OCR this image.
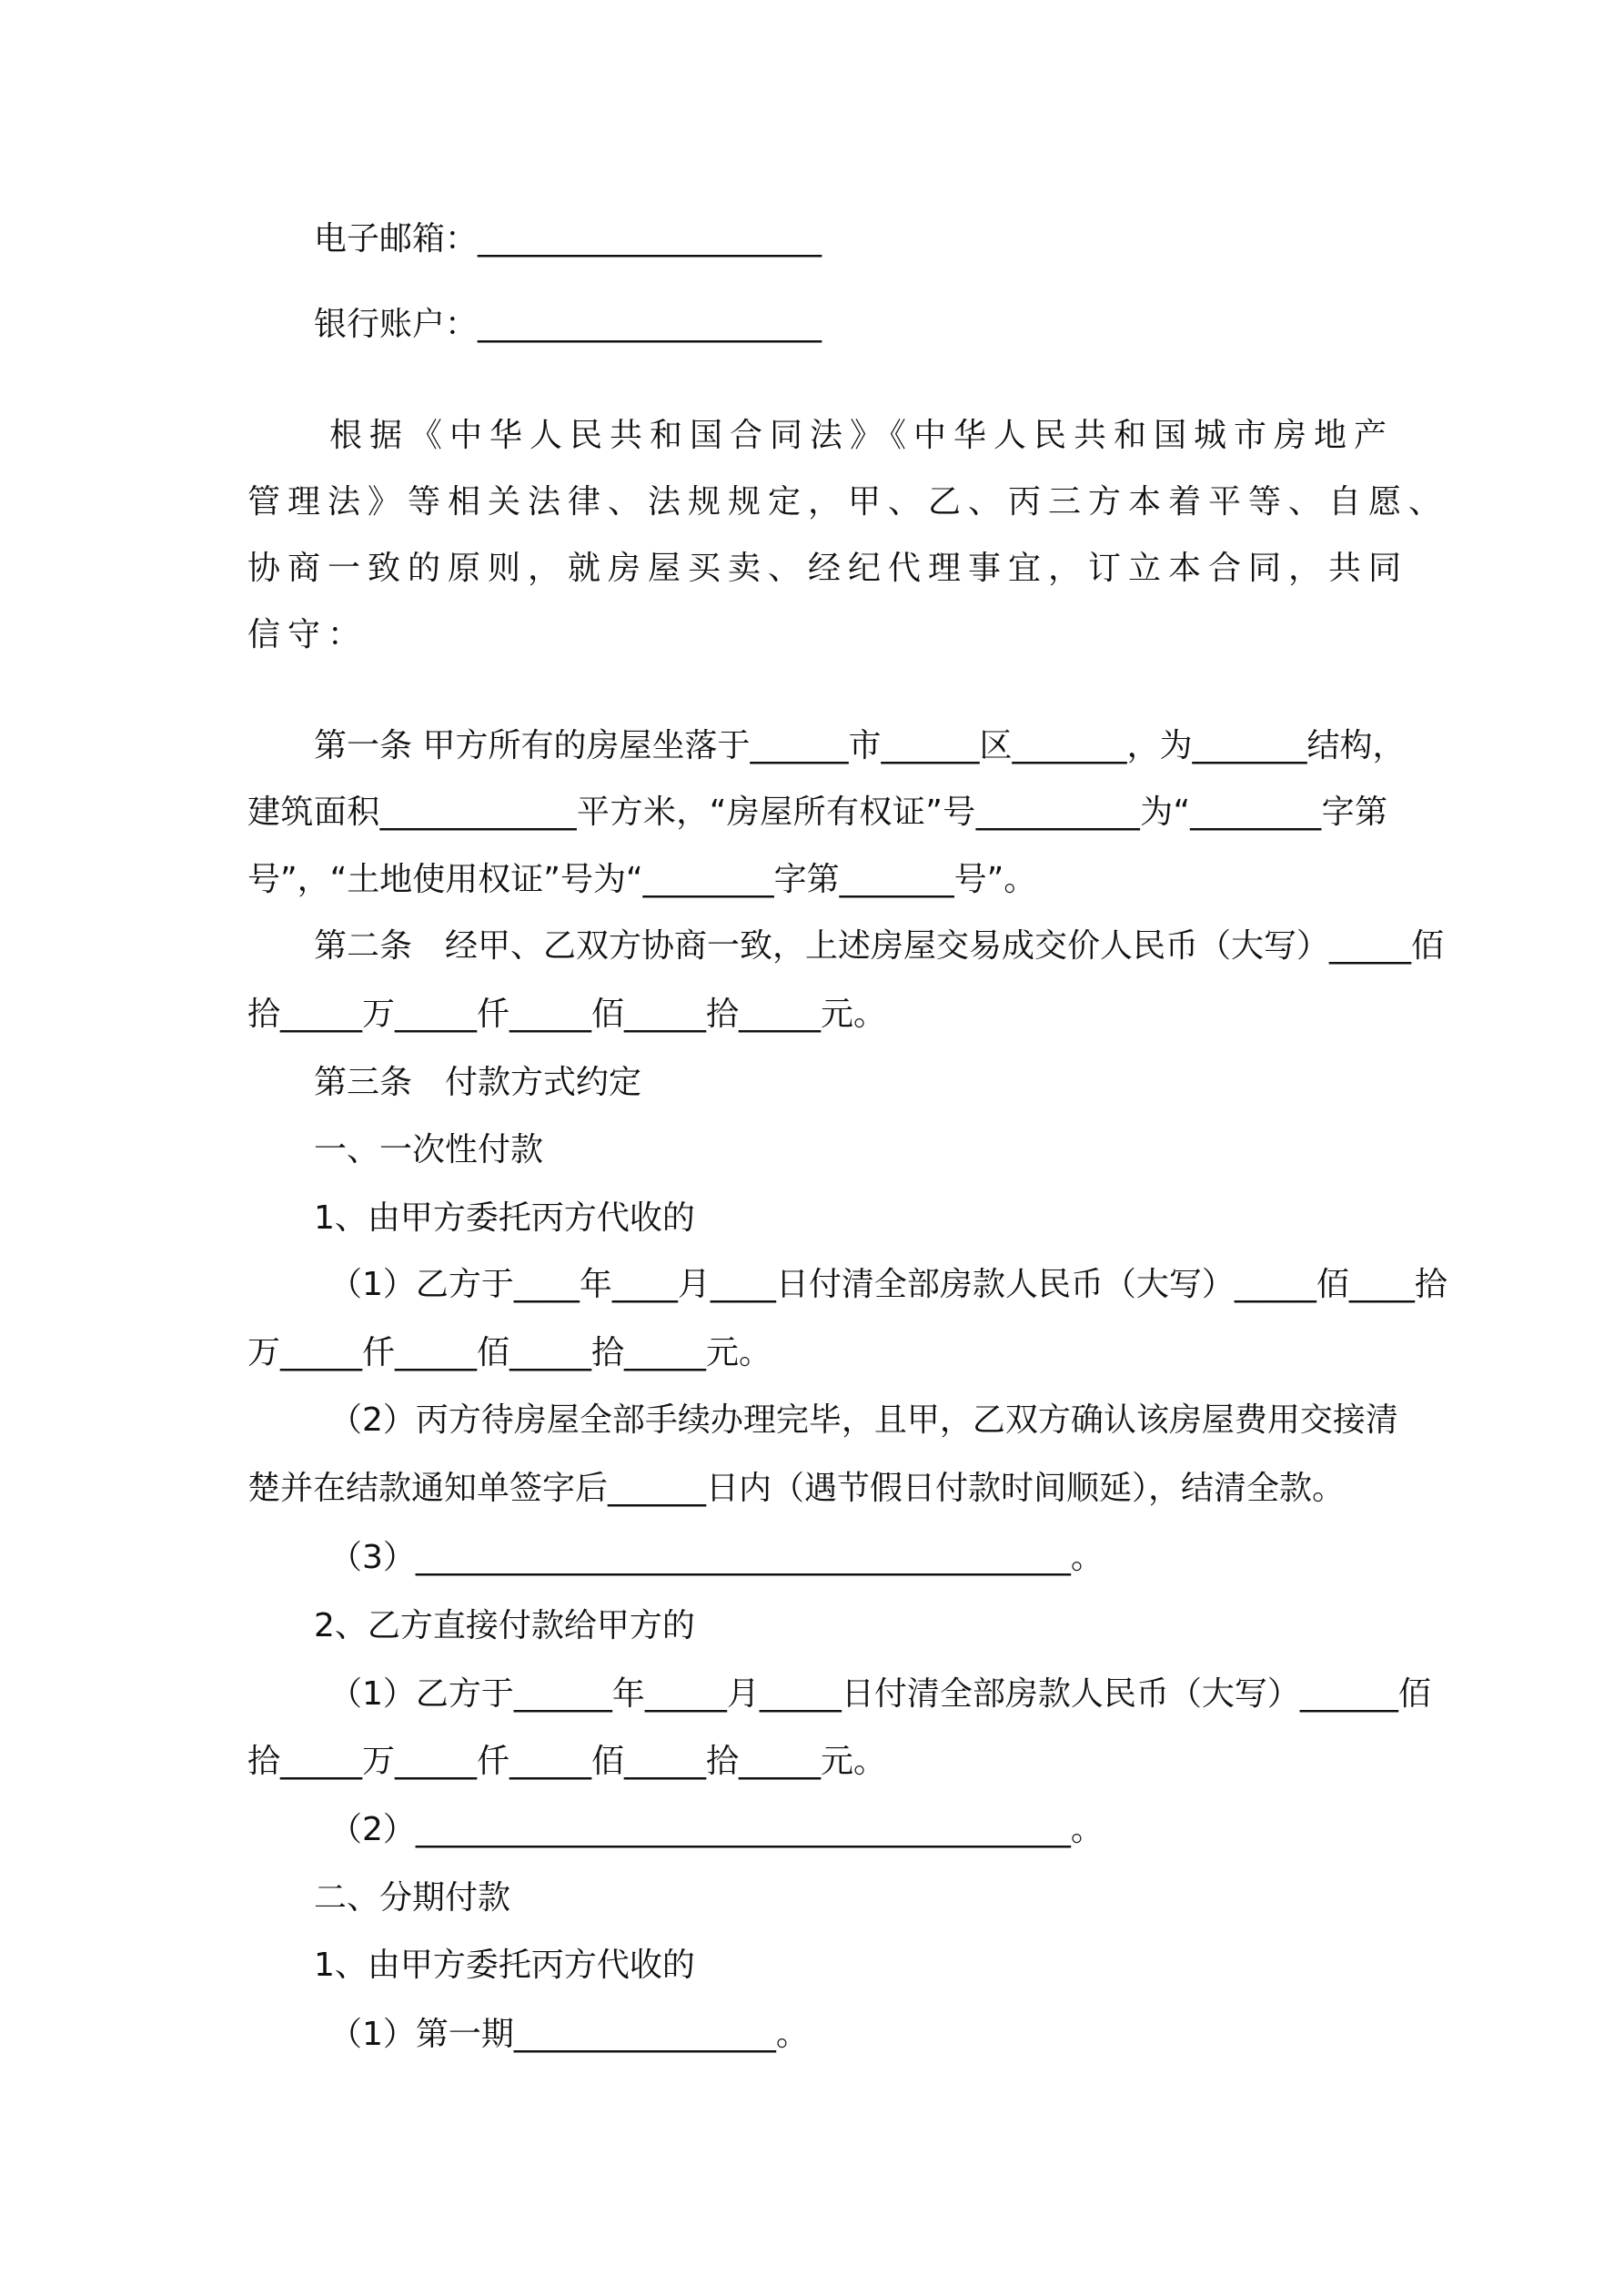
电子邮箱：_____________________
银行账户：_____________________
根据《中华人民共和国合同法》《中华人民共和国城市房地产
管理法》等相关法律、法规规定，甲、乙、丙三方本着平等、自愿、
协商一致的原则，就房屋买卖、经纪代理事宜，订立本合同，共同
信守：
第一条 甲方所有的房屋坐落于______市______区_______，为_______结构，
建筑面积____________平方米，“房屋所有权证”号__________为“________字第
号”，“土地使用权证”号为“________字第_______号”。
第二条　经甲、乙双方协商一致，上述房屋交易成交价人民币（大写）_____佰
拾_____万_____仟_____佰_____拾_____元。
第三条　付款方式约定
一、一次性付款
1、由甲方委托丙方代收的
（1）乙方于____年____月____日付清全部房款人民币（大写）_____佰____拾
万_____仟_____佰_____拾_____元。
（2）丙方待房屋全部手续办理完毕，且甲，乙双方确认该房屋费用交接清
楚并在结款通知单签字后______日内（遇节假日付款时间顺延），结清全款。
（3）________________________________________。
2、乙方直接付款给甲方的
（1）乙方于______年_____月_____日付清全部房款人民币（大写）______佰
拾_____万_____仟_____佰_____拾_____元。
（2）________________________________________。
二、分期付款
1、由甲方委托丙方代收的
（1）第一期________________。
